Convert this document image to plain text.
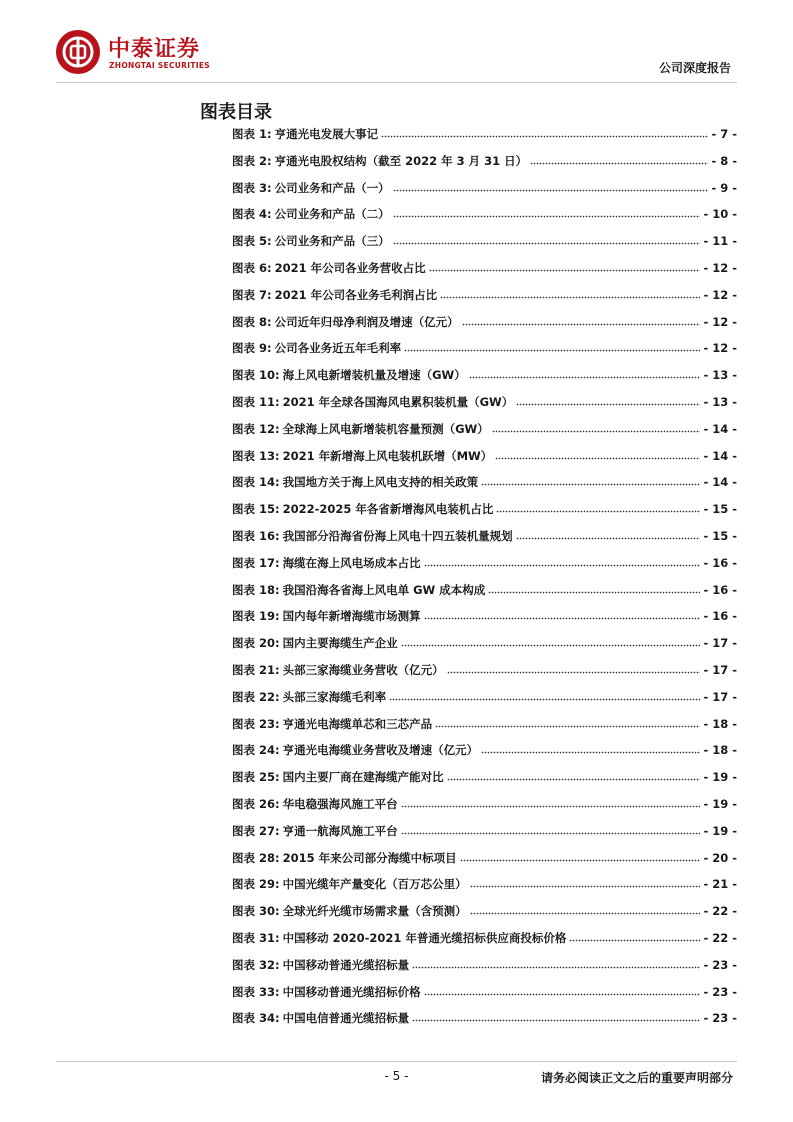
中泰证券
ZHONGTAI SECURITIES	公司深度报告
图表目录
图表 1: 亨通光电发展大事记	- 7 -
图表 2: 亨通光电股权结构（截至 2022 年 3 月 31 日）	- 8 -
图表 3: 公司业务和产品（一）	- 9 -
图表 4: 公司业务和产品（二）	- 10 -
图表 5: 公司业务和产品（三）	- 11 -
图表 6: 2021 年公司各业务营收占比	- 12 -
图表 7: 2021 年公司各业务毛利润占比	- 12 -
图表 8: 公司近年归母净利润及增速（亿元）	- 12 -
图表 9: 公司各业务近五年毛利率	- 12 -
图表 10: 海上风电新增装机量及增速（GW）	- 13 -
图表 11: 2021 年全球各国海风电累积装机量（GW）	- 13 -
图表 12: 全球海上风电新增装机容量预测（GW）	- 14 -
图表 13: 2021 年新增海上风电装机跃增（MW）	- 14 -
图表 14: 我国地方关于海上风电支持的相关政策	- 14 -
图表 15: 2022-2025 年各省新增海风电装机占比	- 15 -
图表 16: 我国部分沿海省份海上风电十四五装机量规划	- 15 -
图表 17: 海缆在海上风电场成本占比	- 16 -
图表 18: 我国沿海各省海上风电单 GW 成本构成	- 16 -
图表 19: 国内每年新增海缆市场测算	- 16 -
图表 20: 国内主要海缆生产企业	- 17 -
图表 21: 头部三家海缆业务营收（亿元）	- 17 -
图表 22: 头部三家海缆毛利率	- 17 -
图表 23: 亨通光电海缆单芯和三芯产品	- 18 -
图表 24: 亨通光电海缆业务营收及增速（亿元）	- 18 -
图表 25: 国内主要厂商在建海缆产能对比	- 19 -
图表 26: 华电稳强海风施工平台	- 19 -
图表 27: 亨通一航海风施工平台	- 19 -
图表 28: 2015 年来公司部分海缆中标项目	- 20 -
图表 29: 中国光缆年产量变化（百万芯公里）	- 21 -
图表 30: 全球光纤光缆市场需求量（含预测）	- 22 -
图表 31: 中国移动 2020-2021 年普通光缆招标供应商投标价格	- 22 -
图表 32: 中国移动普通光缆招标量	- 23 -
图表 33: 中国移动普通光缆招标价格	- 23 -
图表 34: 中国电信普通光缆招标量	- 23 -
- 5 -	请务必阅读正文之后的重要声明部分
